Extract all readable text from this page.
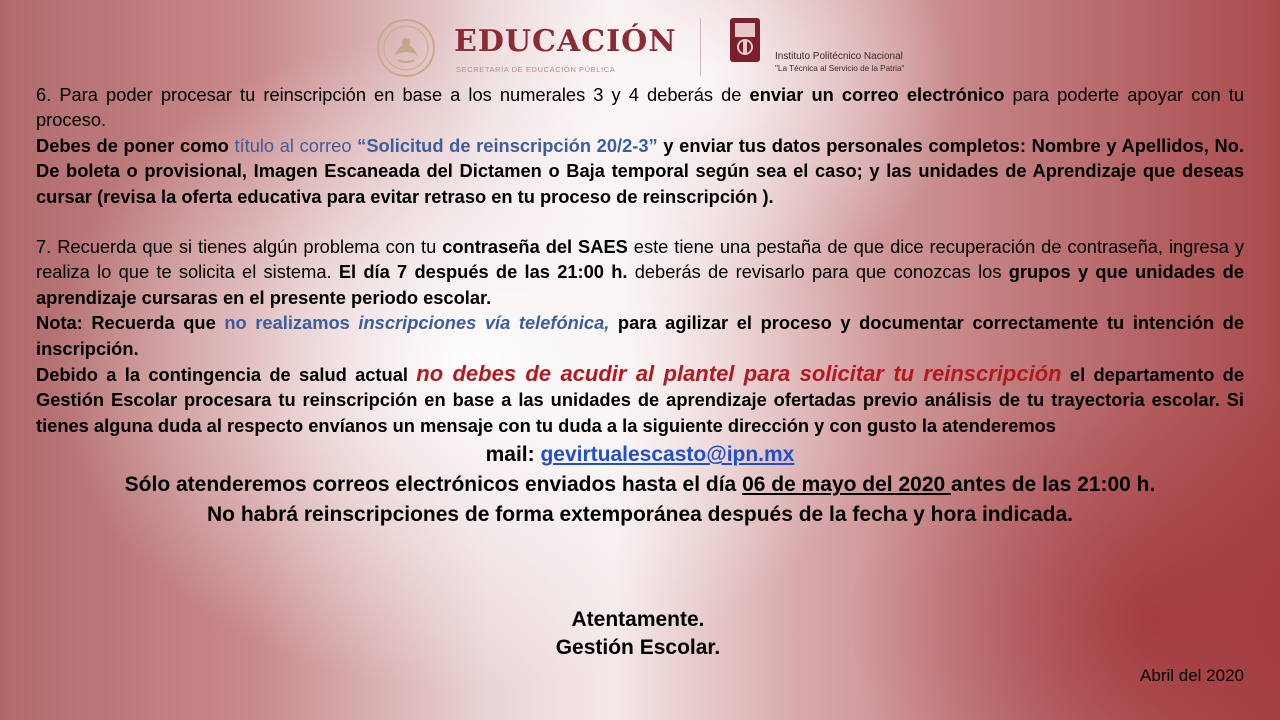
EDUCACIÓN
SECRETARÍA DE EDUCACIÓN PÚBLICA
Instituto Politécnico Nacional
"La Técnica al Servicio de la Patria"

6. Para poder procesar tu reinscripción en base a los numerales 3 y 4 deberás de enviar un correo electrónico para poderte apoyar con tu proceso.

Debes de poner como título al correo “Solicitud de reinscripción 20/2-3” y enviar tus datos personales completos: Nombre y Apellidos, No. De boleta o provisional, Imagen Escaneada del Dictamen o Baja temporal según sea el caso; y las unidades de Aprendizaje que deseas cursar (revisa la oferta educativa para evitar retraso en tu proceso de reinscripción ).

7. Recuerda que si tienes algún problema con tu contraseña del SAES este tiene una pestaña de que dice recuperación de contraseña, ingresa y realiza lo que te solicita el sistema. El día 7 después de las 21:00 h. deberás de revisarlo para que conozcas los grupos y que unidades de aprendizaje cursaras en el presente periodo escolar.

Nota: Recuerda que no realizamos inscripciones vía telefónica, para agilizar el proceso y documentar correctamente tu intención de inscripción.

Debido a la contingencia de salud actual no debes de acudir al plantel para solicitar tu reinscripción el departamento de Gestión Escolar procesara tu reinscripción en base a las unidades de aprendizaje ofertadas previo análisis de tu trayectoria escolar. Si tienes alguna duda al respecto envíanos un mensaje con tu duda a la siguiente dirección y con gusto la atenderemos

mail: gevirtualescasto@ipn.mx
Sólo atenderemos correos electrónicos enviados hasta el día 06 de mayo del 2020 antes de las 21:00 h.
No habrá reinscripciones de forma extemporánea después de la fecha y hora indicada.
Atentamente.
Gestión Escolar.
Abril del 2020
